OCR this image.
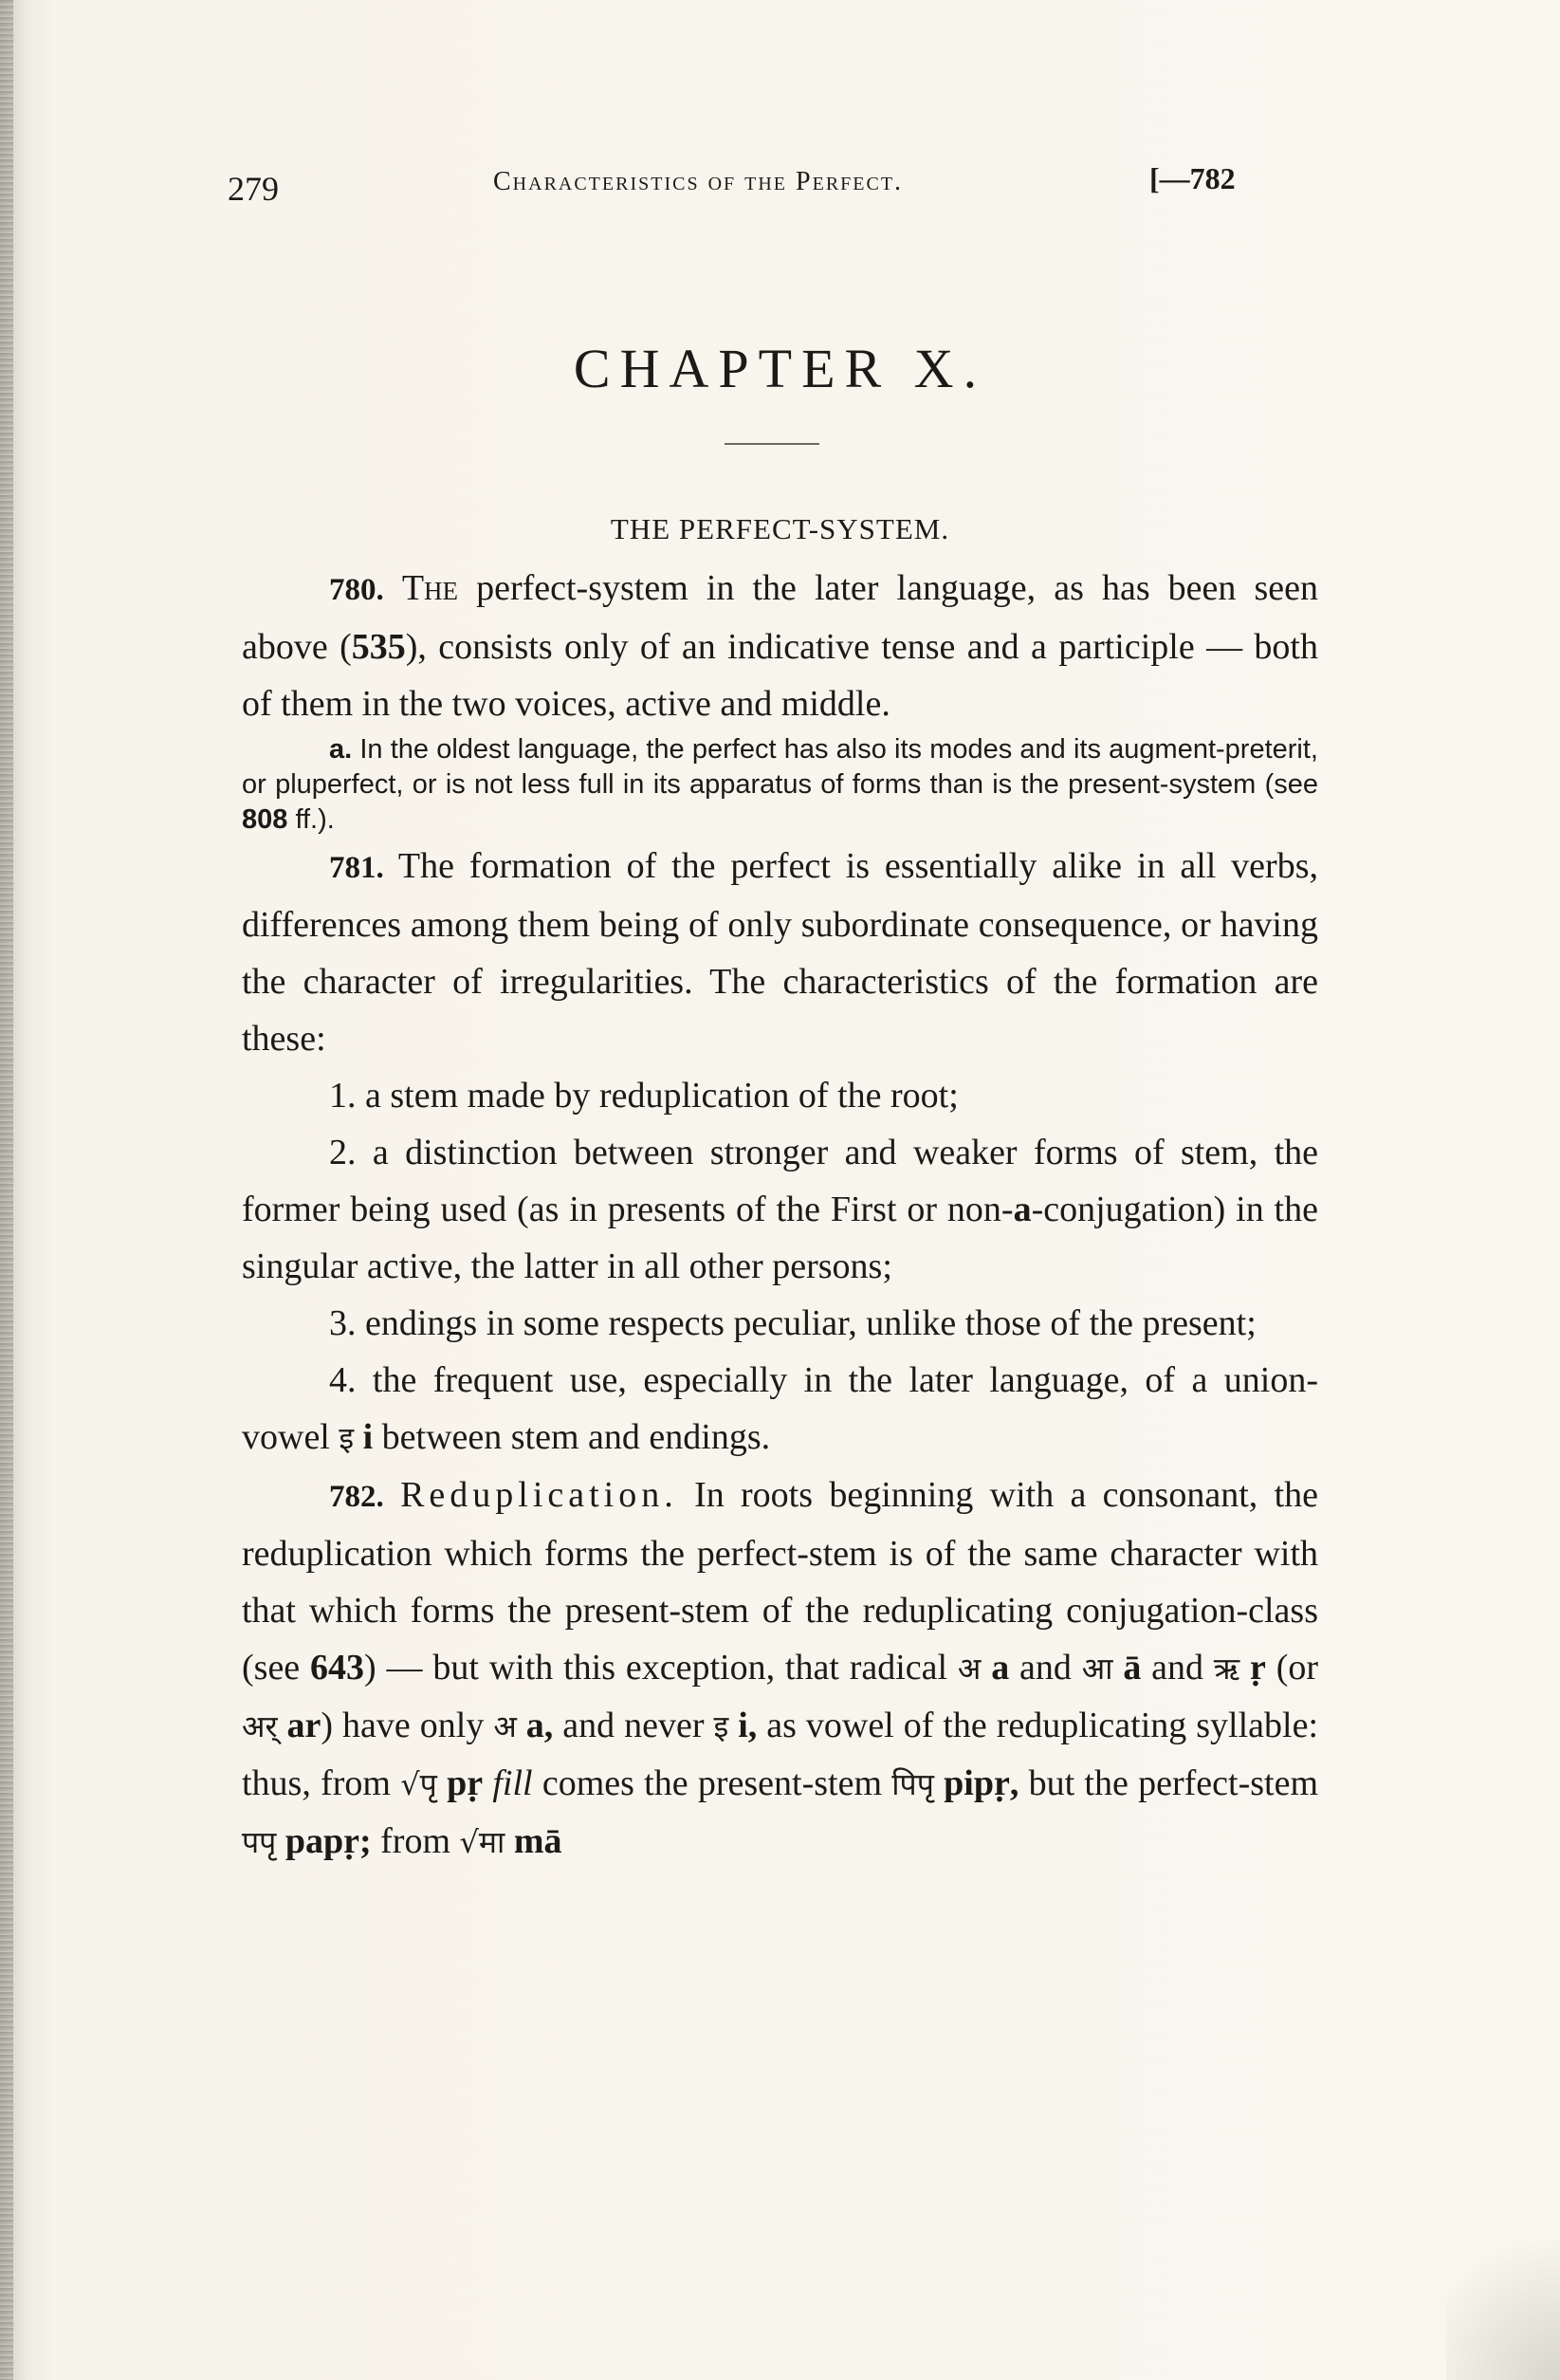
279	Characteristics of the Perfect.	[—782
CHAPTER X.
THE PERFECT-SYSTEM.

780. The perfect-system in the later language, as has been seen above (535), consists only of an indicative tense and a participle — both of them in the two voices, active and middle.

a. In the oldest language, the perfect has also its modes and its augment-preterit, or pluperfect, or is not less full in its apparatus of forms than is the present-system (see 808 ff.).

781. The formation of the perfect is essentially alike in all verbs, differences among them being of only subordinate consequence, or having the character of irregularities. The characteristics of the formation are these:

1. a stem made by reduplication of the root;

2. a distinction between stronger and weaker forms of stem, the former being used (as in presents of the First or non-a-conjugation) in the singular active, the latter in all other persons;

3. endings in some respects peculiar, unlike those of the present;

4. the frequent use, especially in the later language, of a union-vowel इ i between stem and endings.

782. Reduplication. In roots beginning with a consonant, the reduplication which forms the perfect-stem is of the same character with that which forms the present-stem of the reduplicating conjugation-class (see 643) — but with this exception, that radical अ a and आ ā and ऋ ṛ (or अर् ar) have only अ a, and never इ i, as vowel of the reduplicating syllable: thus, from √पृ pṛ fill comes the present-stem पिपृ pipṛ, but the perfect-stem पपृ papṛ; from √मा mā
